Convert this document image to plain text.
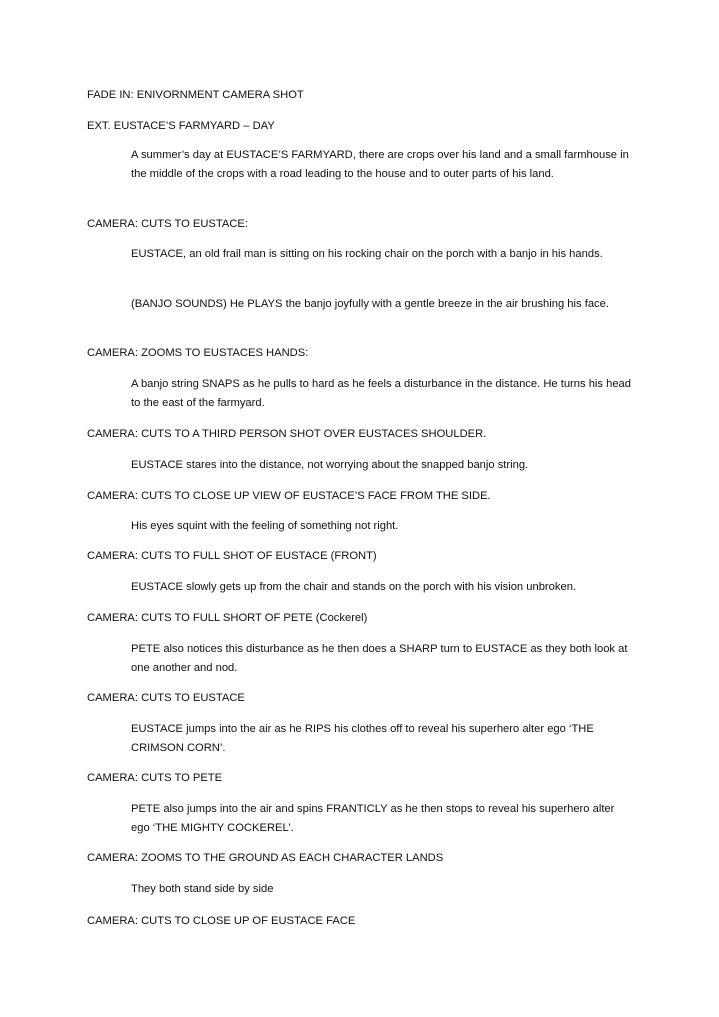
FADE IN: ENIVORNMENT CAMERA SHOT
EXT. EUSTACE’S FARMYARD – DAY
A summer’s day at EUSTACE’S FARMYARD, there are crops over his land and a small farmhouse in the middle of the crops with a road leading to the house and to outer parts of his land.
CAMERA: CUTS TO EUSTACE:
EUSTACE, an old frail man is sitting on his rocking chair on the porch with a banjo in his hands.
(BANJO SOUNDS) He PLAYS the banjo joyfully with a gentle breeze in the air brushing his face.
CAMERA: ZOOMS TO EUSTACES HANDS:
A banjo string SNAPS as he pulls to hard as he feels a disturbance in the distance. He turns his head to the east of the farmyard.
CAMERA: CUTS TO A THIRD PERSON SHOT OVER EUSTACES SHOULDER.
EUSTACE stares into the distance, not worrying about the snapped banjo string.
CAMERA: CUTS TO CLOSE UP VIEW OF EUSTACE’S FACE FROM THE SIDE.
His eyes squint with the feeling of something not right.
CAMERA: CUTS TO FULL SHOT OF EUSTACE (FRONT)
EUSTACE slowly gets up from the chair and stands on the porch with his vision unbroken.
CAMERA: CUTS TO FULL SHORT OF PETE (Cockerel)
PETE also notices this disturbance as he then does a SHARP turn to EUSTACE as they both look at one another and nod.
CAMERA: CUTS TO EUSTACE
EUSTACE jumps into the air as he RIPS his clothes off to reveal his superhero alter ego ‘THE CRIMSON CORN’.
CAMERA: CUTS TO PETE
PETE also jumps into the air and spins FRANTICLY as he then stops to reveal his superhero alter ego ‘THE MIGHTY COCKEREL’.
CAMERA: ZOOMS TO THE GROUND AS EACH CHARACTER LANDS
They both stand side by side
CAMERA: CUTS TO CLOSE UP OF EUSTACE FACE
